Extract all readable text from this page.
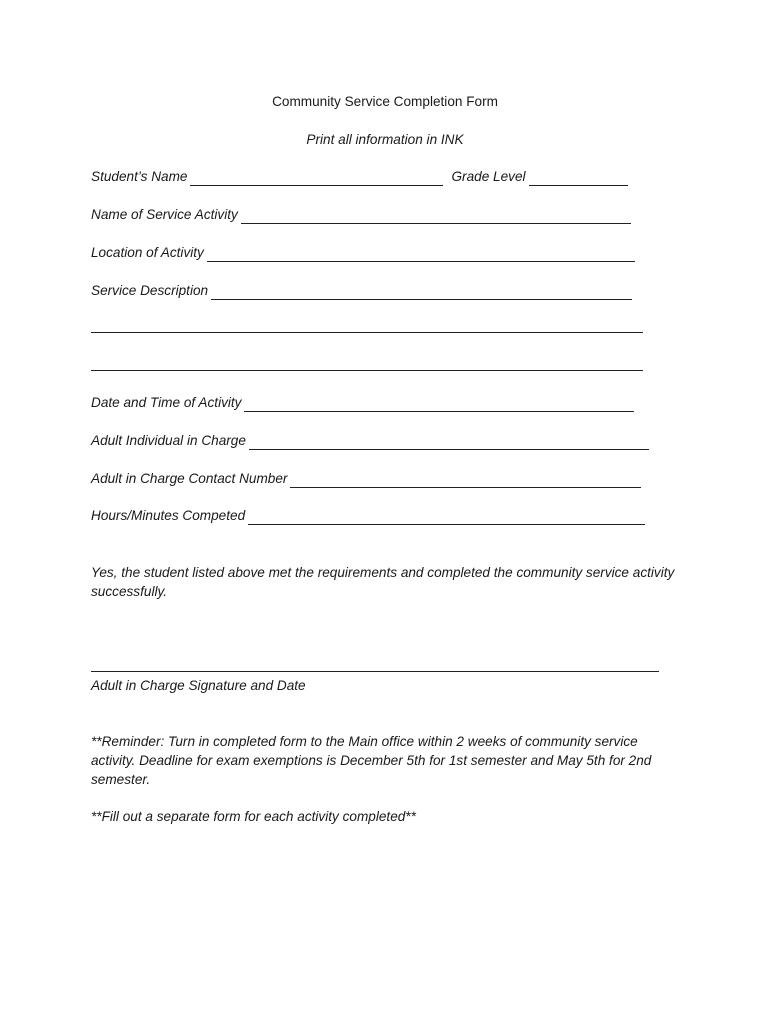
Community Service Completion Form
Print all information in INK
Student’s Name	Grade Level
Name of Service Activity
Location of Activity
Service Description
Date and Time of Activity
Adult Individual in Charge
Adult in Charge Contact Number
Hours/Minutes Competed
Yes, the student listed above met the requirements and completed the community service activity successfully.
Adult in Charge Signature and Date
**Reminder: Turn in completed form to the Main office within 2 weeks of community service activity. Deadline for exam exemptions is December 5th for 1st semester and May 5th for 2nd semester.
**Fill out a separate form for each activity completed**
